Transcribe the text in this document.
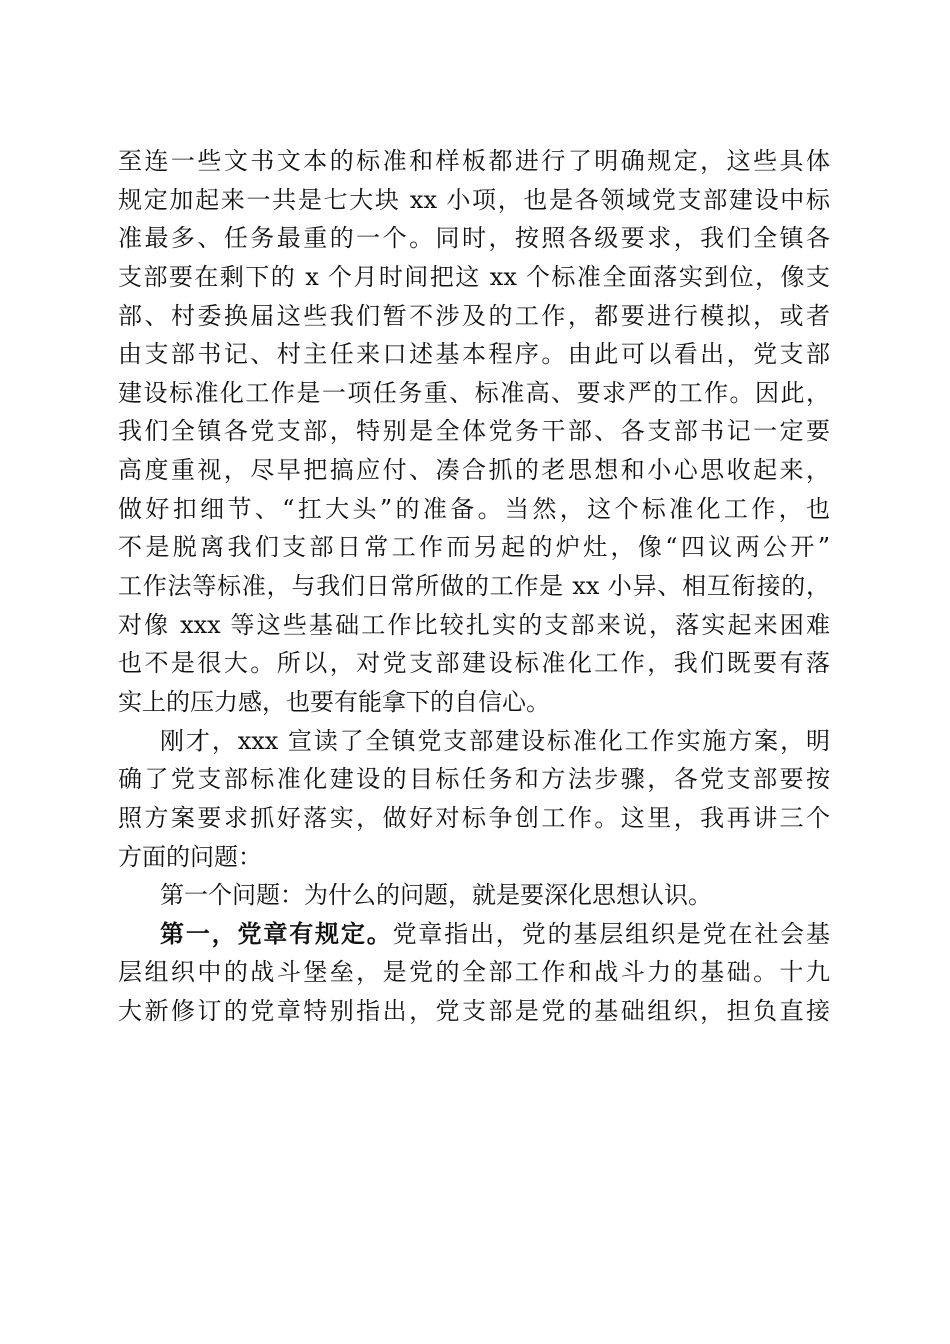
至连一些文书文本的标准和样板都进行了明确规定，这些具体
规定加起来一共是七大块 xx 小项，也是各领域党支部建设中标
准最多、任务最重的一个。同时，按照各级要求，我们全镇各
支部要在剩下的 x 个月时间把这 xx 个标准全面落实到位，像支
部、村委换届这些我们暂不涉及的工作，都要进行模拟，或者
由支部书记、村主任来口述基本程序。由此可以看出，党支部
建设标准化工作是一项任务重、标准高、要求严的工作。因此，
我们全镇各党支部，特别是全体党务干部、各支部书记一定要
高度重视，尽早把搞应付、凑合抓的老思想和小心思收起来，
做好扣细节、“扛大头”的准备。当然，这个标准化工作，也
不是脱离我们支部日常工作而另起的炉灶，像“四议两公开”
工作法等标准，与我们日常所做的工作是 xx 小异、相互衔接的，
对像 xxx 等这些基础工作比较扎实的支部来说，落实起来困难
也不是很大。所以，对党支部建设标准化工作，我们既要有落
实上的压力感，也要有能拿下的自信心。
刚才，xxx 宣读了全镇党支部建设标准化工作实施方案，明
确了党支部标准化建设的目标任务和方法步骤，各党支部要按
照方案要求抓好落实，做好对标争创工作。这里，我再讲三个
方面的问题：
第一个问题：为什么的问题，就是要深化思想认识。
第一，党章有规定。党章指出，党的基层组织是党在社会基
层组织中的战斗堡垒，是党的全部工作和战斗力的基础。十九
大新修订的党章特别指出，党支部是党的基础组织，担负直接
